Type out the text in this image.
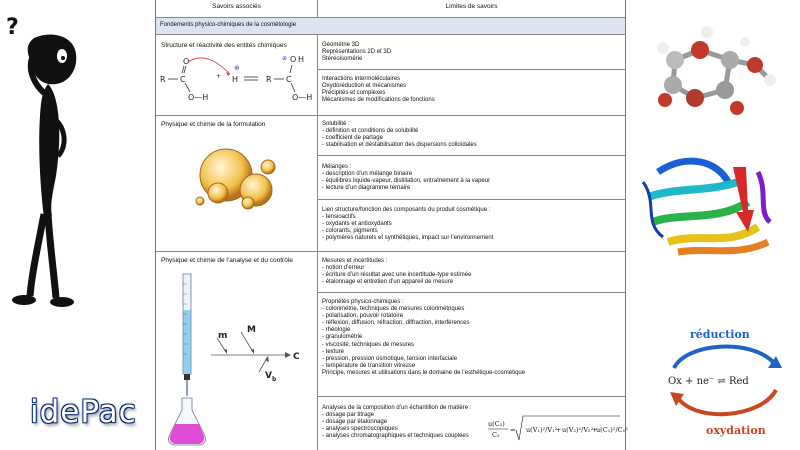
?
idePac
réduction
oxydation
Ox + ne⁻ ⇌ Red
Savoirs associés	Limites de savoirs
Fondements physico-chimiques de la cosmétologie
Structure et réactivité des entités chimiques
R C
O
O—H
+ H
⊕
R C
O H
O—H
⊕
Géométrie 3D
Représentations 2D et 3D
Stéréoisomérie
Interactions intermoléculaires
Oxydoréduction et mécanismes
Précipités et complexes
Mécanismes de modifications de fonctions
Physique et chimie de la formulation	Solubilité :
- définition et conditions de solubilité
- coefficient de partage
- stabilisation et déstabilisation des dispersions colloïdales
Mélanges :
- description d’un mélange binaire
- équilibres liquide-vapeur, distillation, entraînement à la vapeur
- lecture d’un diagramme ternaire
Lien structure/fonction des composants du produit cosmétique :
- tensioactifs
- oxydants et antioxydants
- colorants, pigments
- polymères naturels et synthétiques, impact sur l’environnement
Physique et chimie de l’analyse et du contrôle
m
M
C
V b
Mesures et incertitudes :
- notion d’erreur
- écriture d’un résultat avec une incertitude-type estimée
- étalonnage et entretien d’un appareil de mesure
Propriétés physico-chimiques :
- colorimétrie, techniques de mesures colorimétriques
- polarisation, pouvoir rotatoire
- réflexion, diffusion, réfraction, diffraction, interférences
- rhéologie
- granulométrie
- viscosité, techniques de mesures
- texture
- pression, pression osmotique, tension interfaciale
- température de transition vitreuse
Principe, mesures et utilisations dans le domaine de l’esthétique-cosmétique
Analyses de la composition d’un échantillon de matière :
- dosage par titrage
- dosage par étalonnage
- analyses spectroscopiques
- analyses chromatographiques et techniques couplées
u(C₂)
C₂
= u(V₁)²/V₁²
+ u(V₂)²/V₂²
+
u(C₁)²/C₁²
